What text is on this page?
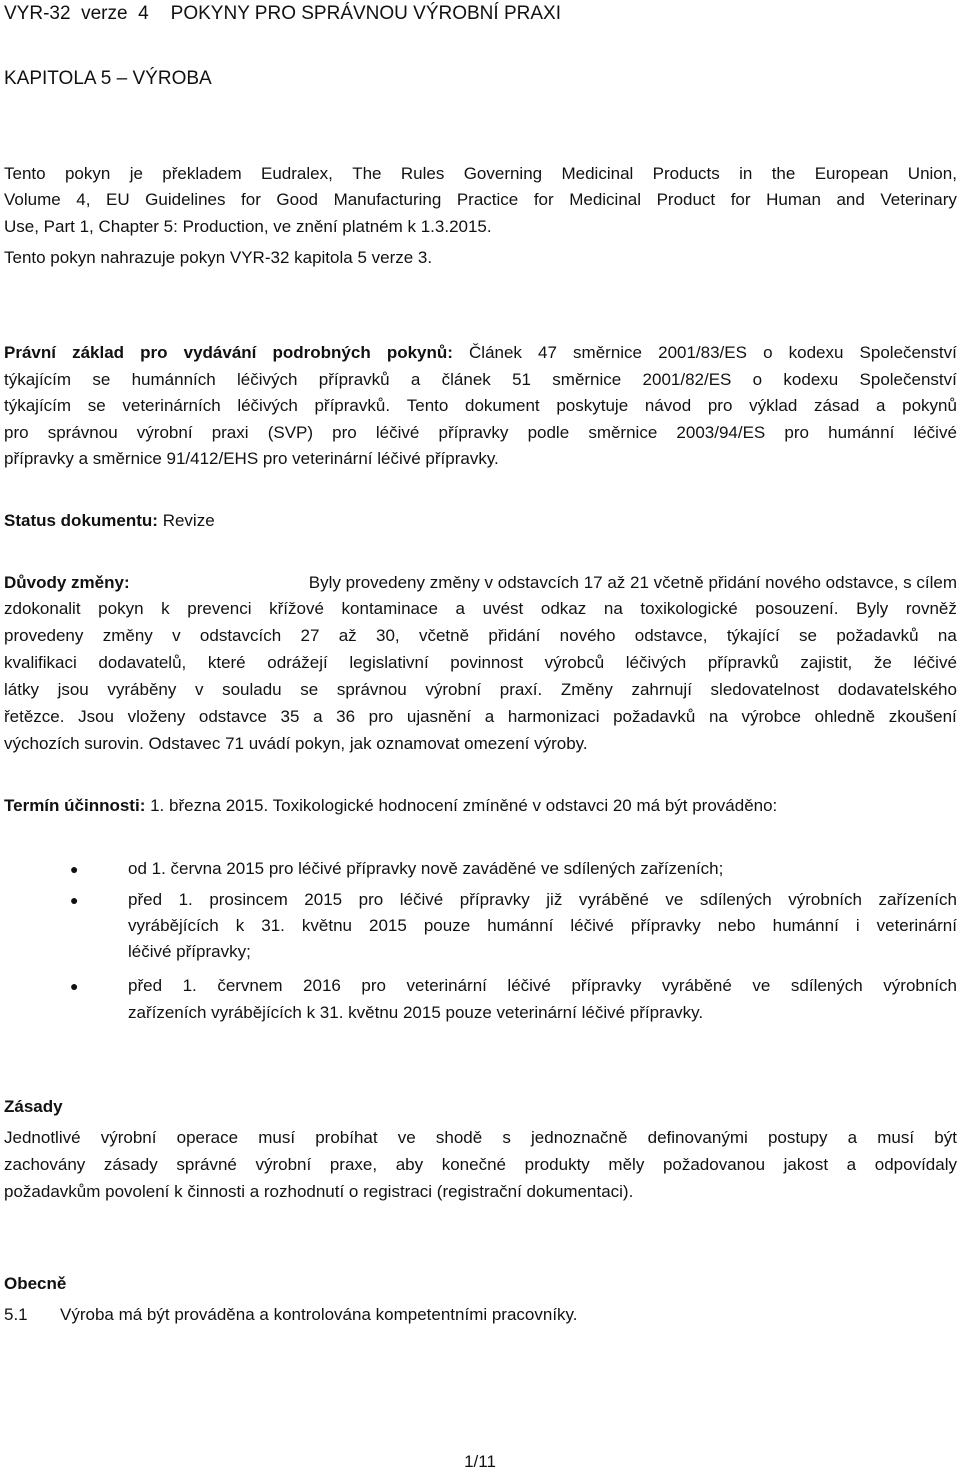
VYR-32  verze  4 POKYNY PRO SPRÁVNOU VÝROBNÍ PRAXI
KAPITOLA 5 – VÝROBA
Tento pokyn je překladem Eudralex, The Rules Governing Medicinal Products in the European Union,
Volume 4, EU Guidelines for Good Manufacturing Practice for Medicinal Product for Human and Veterinary
Use, Part 1, Chapter 5: Production, ve znění platném k 1.3.2015.
Tento pokyn nahrazuje pokyn VYR-32 kapitola 5 verze 3.
Právní základ pro vydávání podrobných pokynů: Článek 47 směrnice 2001/83/ES o kodexu Společenství
týkajícím se humánních léčivých přípravků a článek 51 směrnice 2001/82/ES o kodexu Společenství
týkajícím se veterinárních léčivých přípravků. Tento dokument poskytuje návod pro výklad zásad a pokynů
pro správnou výrobní praxi (SVP) pro léčivé přípravky podle směrnice 2003/94/ES pro humánní léčivé
přípravky a směrnice 91/412/EHS pro veterinární léčivé přípravky.
Status dokumentu: Revize
Důvody změny:	Byly provedeny změny v odstavcích 17 až 21 včetně přidání nového odstavce, s cílem
zdokonalit pokyn k prevenci křížové kontaminace a uvést odkaz na toxikologické posouzení. Byly rovněž
provedeny změny v odstavcích 27 až 30, včetně přidání nového odstavce, týkající se požadavků na
kvalifikaci dodavatelů, které odrážejí legislativní povinnost výrobců léčivých přípravků zajistit, že léčivé
látky jsou vyráběny v souladu se správnou výrobní praxí. Změny zahrnují sledovatelnost dodavatelského
řetězce. Jsou vloženy odstavce 35 a 36 pro ujasnění a harmonizaci požadavků na výrobce ohledně zkoušení
výchozích surovin. Odstavec 71 uvádí pokyn, jak oznamovat omezení výroby.
Termín účinnosti: 1. března 2015. Toxikologické hodnocení zmíněné v odstavci 20 má být prováděno:
●	od 1. června 2015 pro léčivé přípravky nově zaváděné ve sdílených zařízeních;
●	před 1. prosincem 2015 pro léčivé přípravky již vyráběné ve sdílených výrobních zařízeních
vyrábějících k 31. květnu 2015 pouze humánní léčivé přípravky nebo humánní i veterinární
léčivé přípravky;
●	před 1. červnem 2016 pro veterinární léčivé přípravky vyráběné ve sdílených výrobních
zařízeních vyrábějících k 31. květnu 2015 pouze veterinární léčivé přípravky.
Zásady
Jednotlivé výrobní operace musí probíhat ve shodě s jednoznačně definovanými postupy a musí být
zachovány zásady správné výrobní praxe, aby konečné produkty měly požadovanou jakost a odpovídaly
požadavkům povolení k činnosti a rozhodnutí o registraci (registrační dokumentaci).
Obecně
5.1 Výroba má být prováděna a kontrolována kompetentními pracovníky.
1/11
